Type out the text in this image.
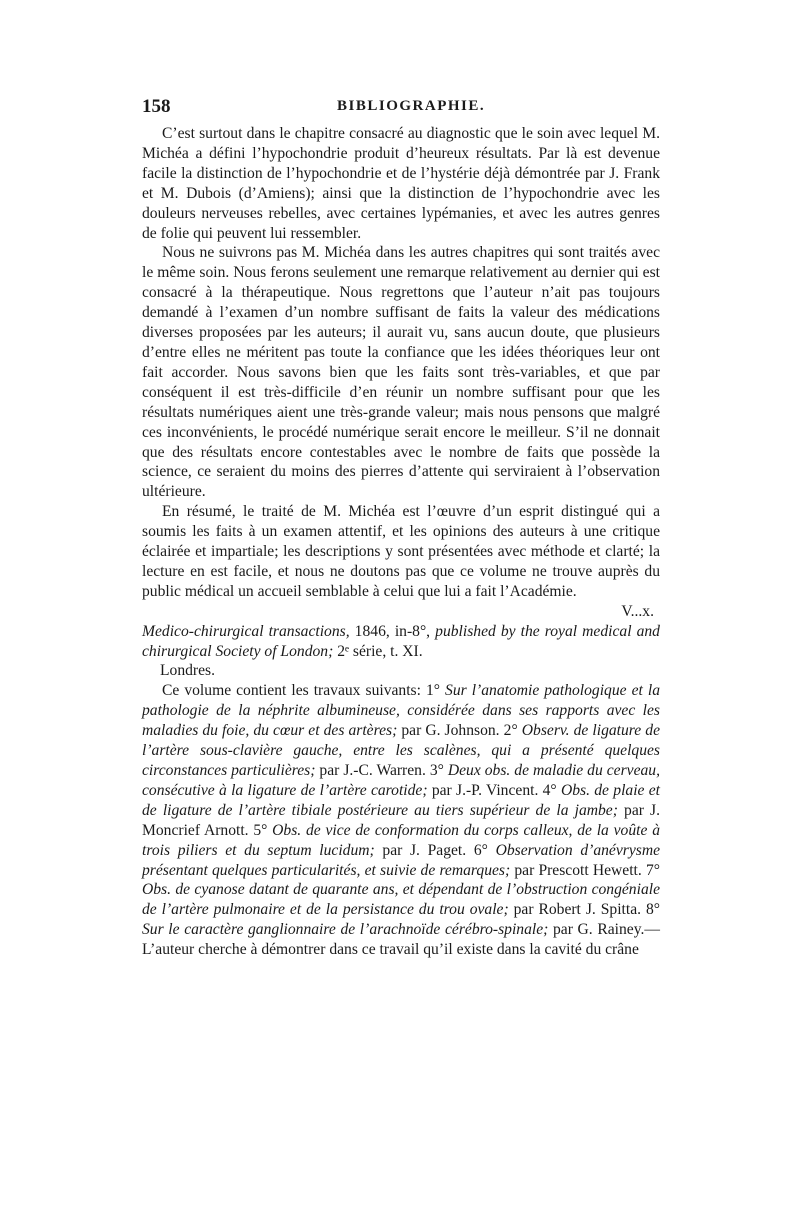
158	BIBLIOGRAPHIE.

C’est surtout dans le chapitre consacré au diagnostic que le soin avec lequel M. Michéa a défini l’hypochondrie produit d’heureux résultats. Par là est devenue facile la distinction de l’hypochondrie et de l’hystérie déjà démontrée par J. Frank et M. Dubois (d’Amiens); ainsi que la distinction de l’hypochondrie avec les douleurs nerveuses rebelles, avec certaines lypémanies, et avec les autres genres de folie qui peuvent lui ressembler.

Nous ne suivrons pas M. Michéa dans les autres chapitres qui sont traités avec le même soin. Nous ferons seulement une remarque relativement au dernier qui est consacré à la thérapeutique. Nous regrettons que l’auteur n’ait pas toujours demandé à l’examen d’un nombre suffisant de faits la valeur des médications diverses proposées par les auteurs; il aurait vu, sans aucun doute, que plusieurs d’entre elles ne méritent pas toute la confiance que les idées théoriques leur ont fait accorder. Nous savons bien que les faits sont très-variables, et que par conséquent il est très-difficile d’en réunir un nombre suffisant pour que les résultats numériques aient une très-grande valeur; mais nous pensons que malgré ces inconvénients, le procédé numérique serait encore le meilleur. S’il ne donnait que des résultats encore contestables avec le nombre de faits que possède la science, ce seraient du moins des pierres d’attente qui serviraient à l’observation ultérieure.

En résumé, le traité de M. Michéa est l’œuvre d’un esprit distingué qui a soumis les faits à un examen attentif, et les opinions des auteurs à une critique éclairée et impartiale; les descriptions y sont présentées avec méthode et clarté; la lecture en est facile, et nous ne doutons pas que ce volume ne trouve auprès du public médical un accueil semblable à celui que lui a fait l’Académie.

V...x.

Medico-chirurgical transactions, 1846, in-8°, published by the royal medical and chirurgical Society of London; 2ᵉ série, t. XI.
Londres.

Ce volume contient les travaux suivants: 1° Sur l’anatomie pathologique et la pathologie de la néphrite albumineuse, considérée dans ses rapports avec les maladies du foie, du cœur et des artères; par G. Johnson. 2° Observ. de ligature de l’artère sous-clavière gauche, entre les scalènes, qui a présenté quelques circonstances particulières; par J.-C. Warren. 3° Deux obs. de maladie du cerveau, consécutive à la ligature de l’artère carotide; par J.-P. Vincent. 4° Obs. de plaie et de ligature de l’artère tibiale postérieure au tiers supérieur de la jambe; par J. Moncrief Arnott. 5° Obs. de vice de conformation du corps calleux, de la voûte à trois piliers et du septum lucidum; par J. Paget. 6° Observation d’anévrysme présentant quelques particularités, et suivie de remarques; par Prescott Hewett. 7° Obs. de cyanose datant de quarante ans, et dépendant de l’obstruction congéniale de l’artère pulmonaire et de la persistance du trou ovale; par Robert J. Spitta. 8° Sur le caractère ganglionnaire de l’arachnoïde cérébro-spinale; par G. Rainey.— L’auteur cherche à démontrer dans ce travail qu’il existe dans la cavité du crâne
